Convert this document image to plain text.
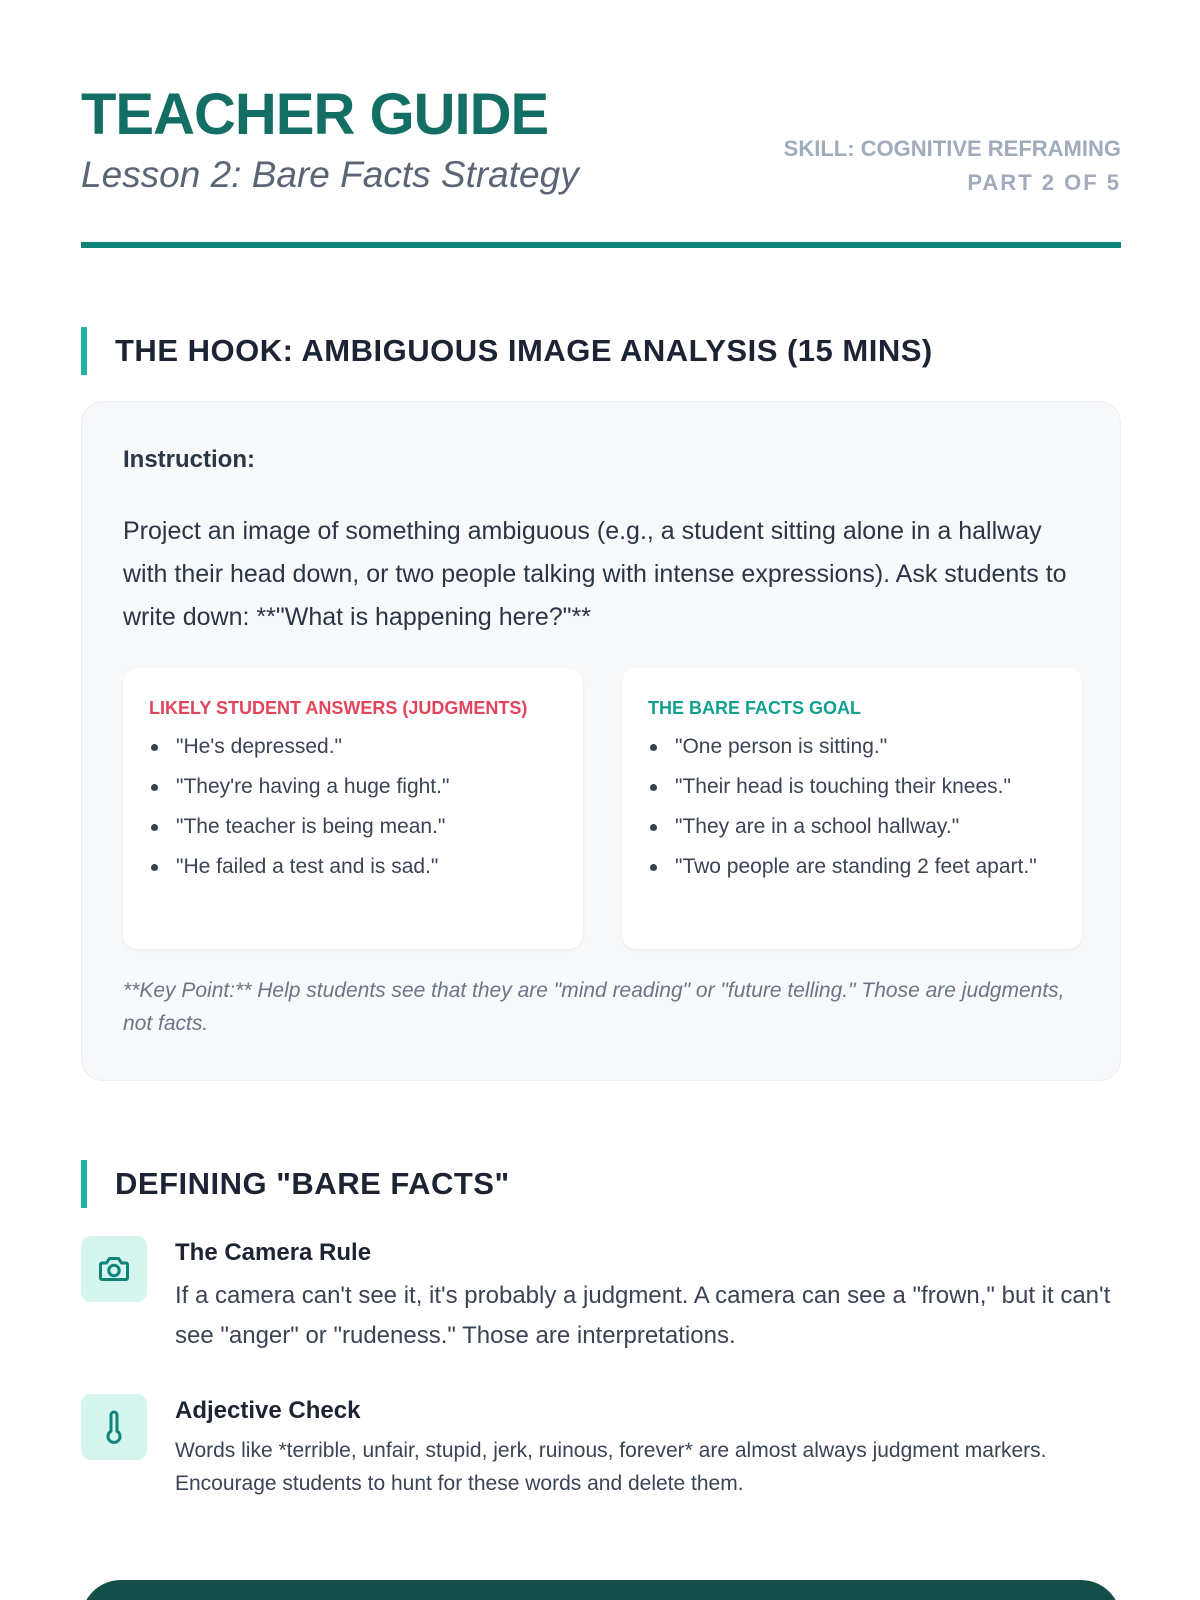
TEACHER GUIDE
Lesson 2: Bare Facts Strategy
SKILL: COGNITIVE REFRAMING
PART 2 OF 5
THE HOOK: AMBIGUOUS IMAGE ANALYSIS (15 MINS)
Instruction:

Project an image of something ambiguous (e.g., a student sitting alone in a hallway with their head down, or two people talking with intense expressions). Ask students to write down: **"What is happening here?"**

LIKELY STUDENT ANSWERS (JUDGMENTS)
"He's depressed."
"They're having a huge fight."
"The teacher is being mean."
"He failed a test and is sad."
THE BARE FACTS GOAL
"One person is sitting."
"Their head is touching their knees."
"They are in a school hallway."
"Two people are standing 2 feet apart."

**Key Point:** Help students see that they are "mind reading" or "future telling." Those are judgments, not facts.

DEFINING "BARE FACTS"
The Camera Rule

If a camera can't see it, it's probably a judgment. A camera can see a "frown," but it can't see "anger" or "rudeness." Those are interpretations.

Adjective Check

Words like *terrible, unfair, stupid, jerk, ruinous, forever* are almost always judgment markers. Encourage students to hunt for these words and delete them.
